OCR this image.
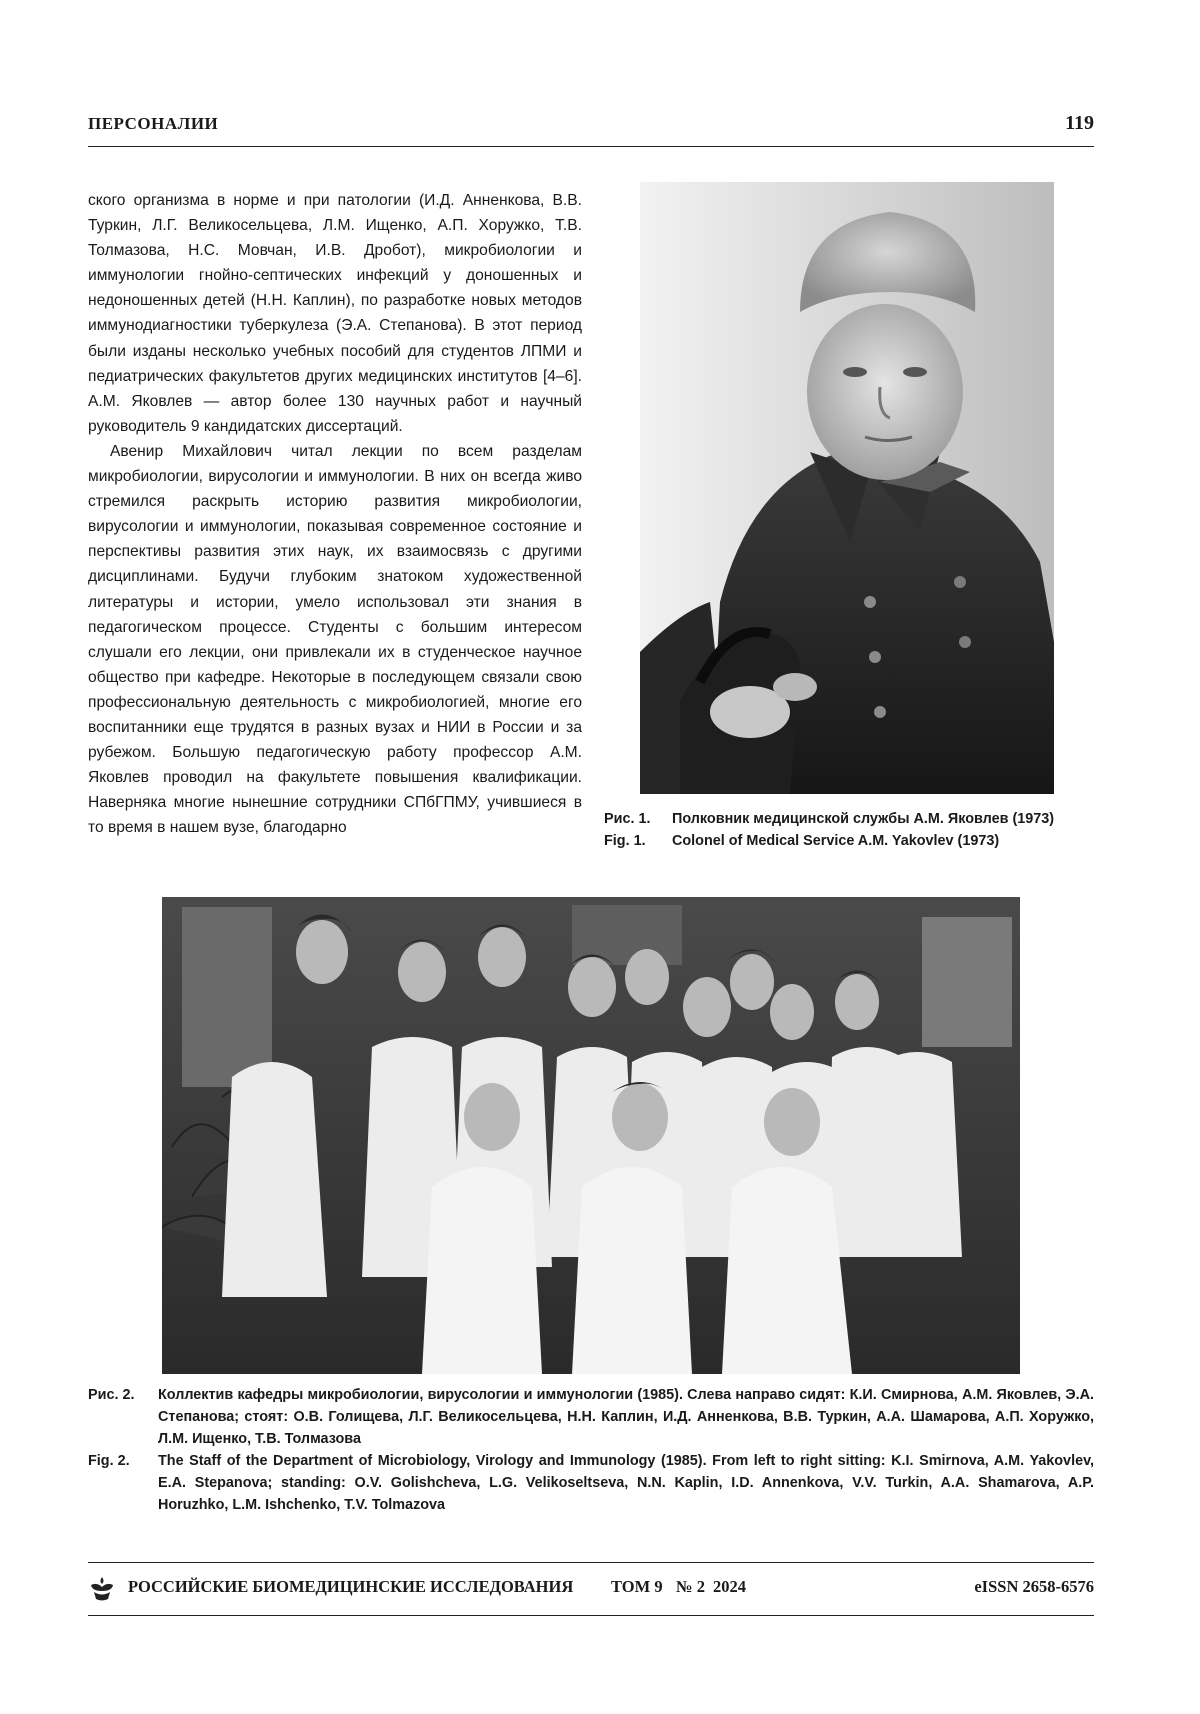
ПЕРСОНАЛИИ	119

ского организма в норме и при патологии (И.Д. Анненкова, В.В. Туркин, Л.Г. Великосельцева, Л.М. Ищенко, А.П. Хоружко, Т.В. Толмазова, Н.С. Мовчан, И.В. Дробот), микробиологии и иммунологии гнойно-септических инфекций у доношенных и недоношенных детей (Н.Н. Каплин), по разработке новых методов иммунодиагностики туберкулеза (Э.А. Степанова). В этот период были изданы несколько учебных пособий для студентов ЛПМИ и педиатрических факультетов других медицинских институтов [4–6]. А.М. Яковлев — автор более 130 научных работ и научный руководитель 9 кандидатских диссертаций.

Авенир Михайлович читал лекции по всем разделам микробиологии, вирусологии и иммунологии. В них он всегда живо стремился раскрыть историю развития микробиологии, вирусологии и иммунологии, показывая современное состояние и перспективы развития этих наук, их взаимосвязь с другими дисциплинами. Будучи глубоким знатоком художественной литературы и истории, умело использовал эти знания в педагогическом процессе. Студенты с большим интересом слушали его лекции, они привлекали их в студенческое научное общество при кафедре. Некоторые в последующем связали свою профессиональную деятельность с микробиологией, многие его воспитанники еще трудятся в разных вузах и НИИ в России и за рубежом. Большую педагогическую работу профессор А.М. Яковлев проводил на факультете повышения квалификации. Наверняка многие нынешние сотрудники СПбГПМУ, учившиеся в то время в нашем вузе, благодарно

Рис. 1.	Полковник медицинской службы А.М. Яковлев (1973)
Fig. 1.	Colonel of Medical Service A.M. Yakovlev (1973)
Рис. 2.	Коллектив кафедры микробиологии, вирусологии и иммунологии (1985). Слева направо сидят: К.И. Смирнова, А.М. Яковлев, Э.А. Степанова; стоят: О.В. Голищева, Л.Г. Великосельцева, Н.Н. Каплин, И.Д. Анненкова, В.В. Туркин, А.А. Шамарова, А.П. Хоружко, Л.М. Ищенко, Т.В. Толмазова
Fig. 2.	The Staff of the Department of Microbiology, Virology and Immunology (1985). From left to right sitting: K.I. Smirnova, A.M. Yakovlev, E.A. Stepanova; standing: O.V. Golishcheva, L.G. Velikoseltseva, N.N. Kaplin, I.D. Annenkova, V.V. Turkin, A.A. Shamarova, A.P. Horuzhko, L.M. Ishchenko, T.V. Tolmazova
РОССИЙСКИЕ БИОМЕДИЦИНСКИЕ ИССЛЕДОВАНИЯ ТОМ 9 № 2 2024	eISSN 2658-6576
